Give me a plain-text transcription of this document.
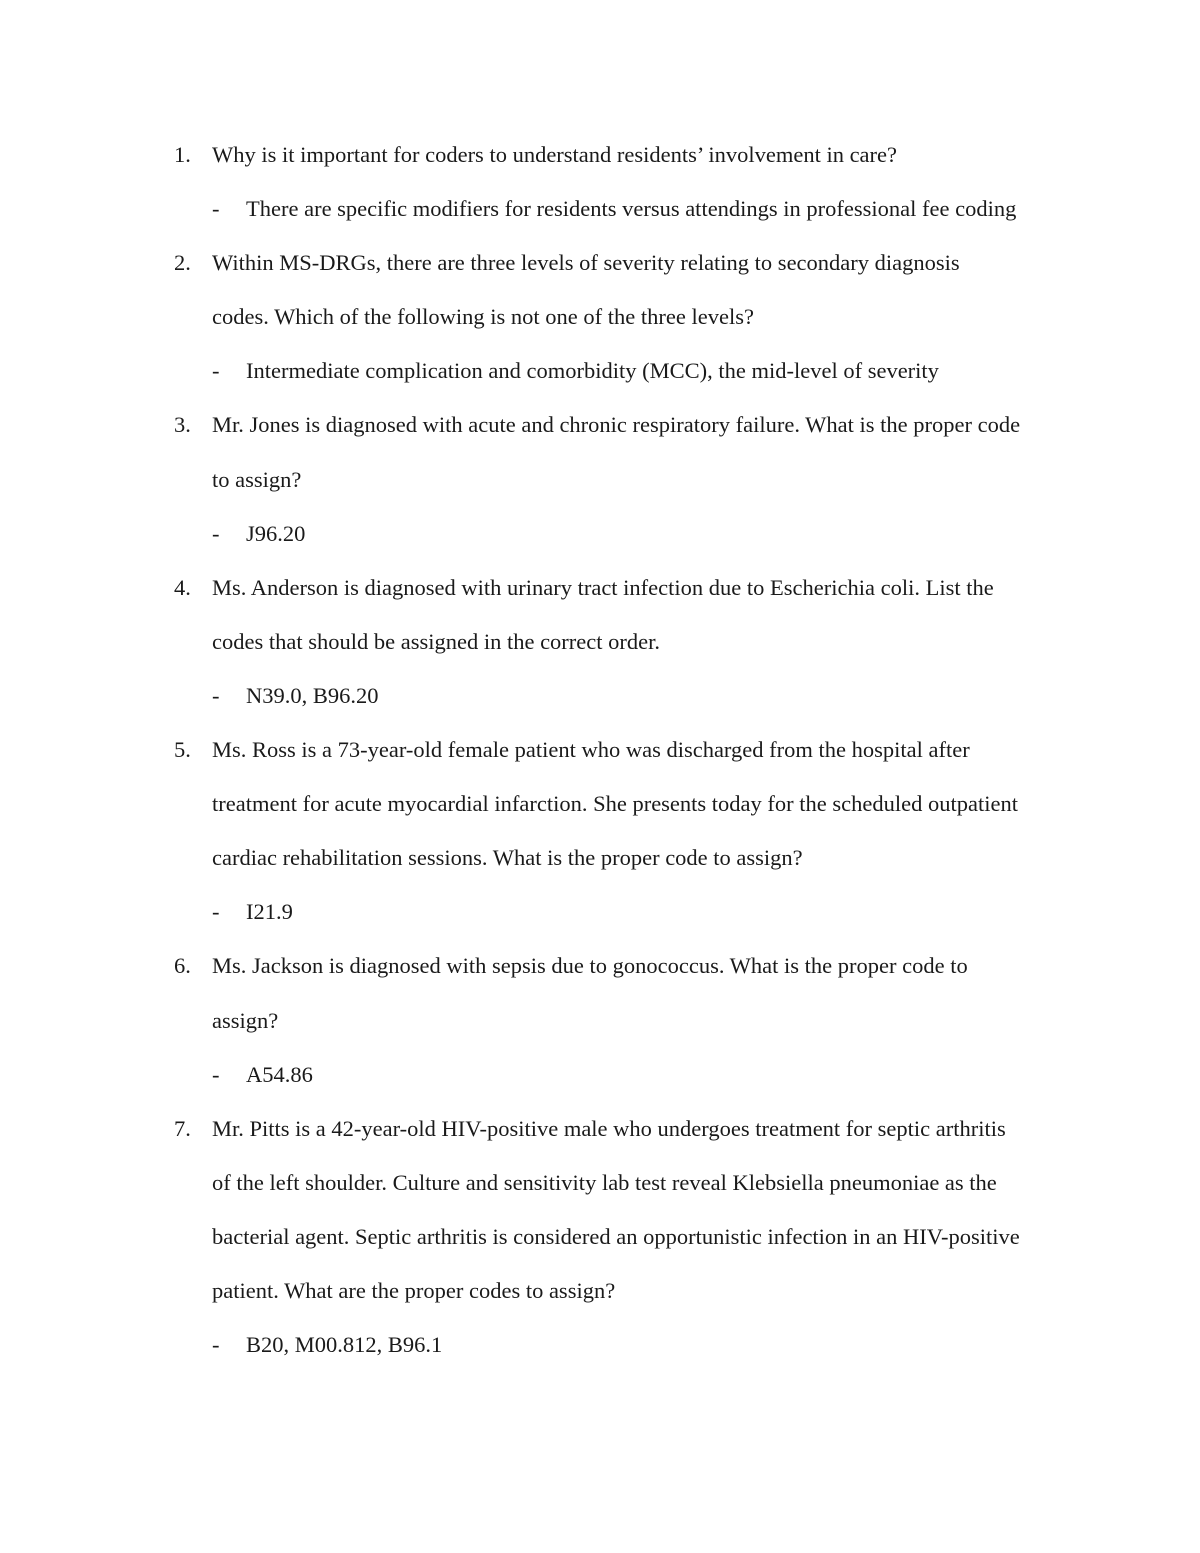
1. Why is it important for coders to understand residents’ involvement in care?
- There are specific modifiers for residents versus attendings in professional fee coding
2. Within MS-DRGs, there are three levels of severity relating to secondary diagnosis
codes. Which of the following is not one of the three levels?
- Intermediate complication and comorbidity (MCC), the mid-level of severity
3. Mr. Jones is diagnosed with acute and chronic respiratory failure. What is the proper code
to assign?
- J96.20
4. Ms. Anderson is diagnosed with urinary tract infection due to Escherichia coli. List the
codes that should be assigned in the correct order.
- N39.0, B96.20
5. Ms. Ross is a 73-year-old female patient who was discharged from the hospital after
treatment for acute myocardial infarction. She presents today for the scheduled outpatient
cardiac rehabilitation sessions. What is the proper code to assign?
- I21.9
6. Ms. Jackson is diagnosed with sepsis due to gonococcus. What is the proper code to
assign?
- A54.86
7. Mr. Pitts is a 42-year-old HIV-positive male who undergoes treatment for septic arthritis
of the left shoulder. Culture and sensitivity lab test reveal Klebsiella pneumoniae as the
bacterial agent. Septic arthritis is considered an opportunistic infection in an HIV-positive
patient. What are the proper codes to assign?
- B20, M00.812, B96.1
